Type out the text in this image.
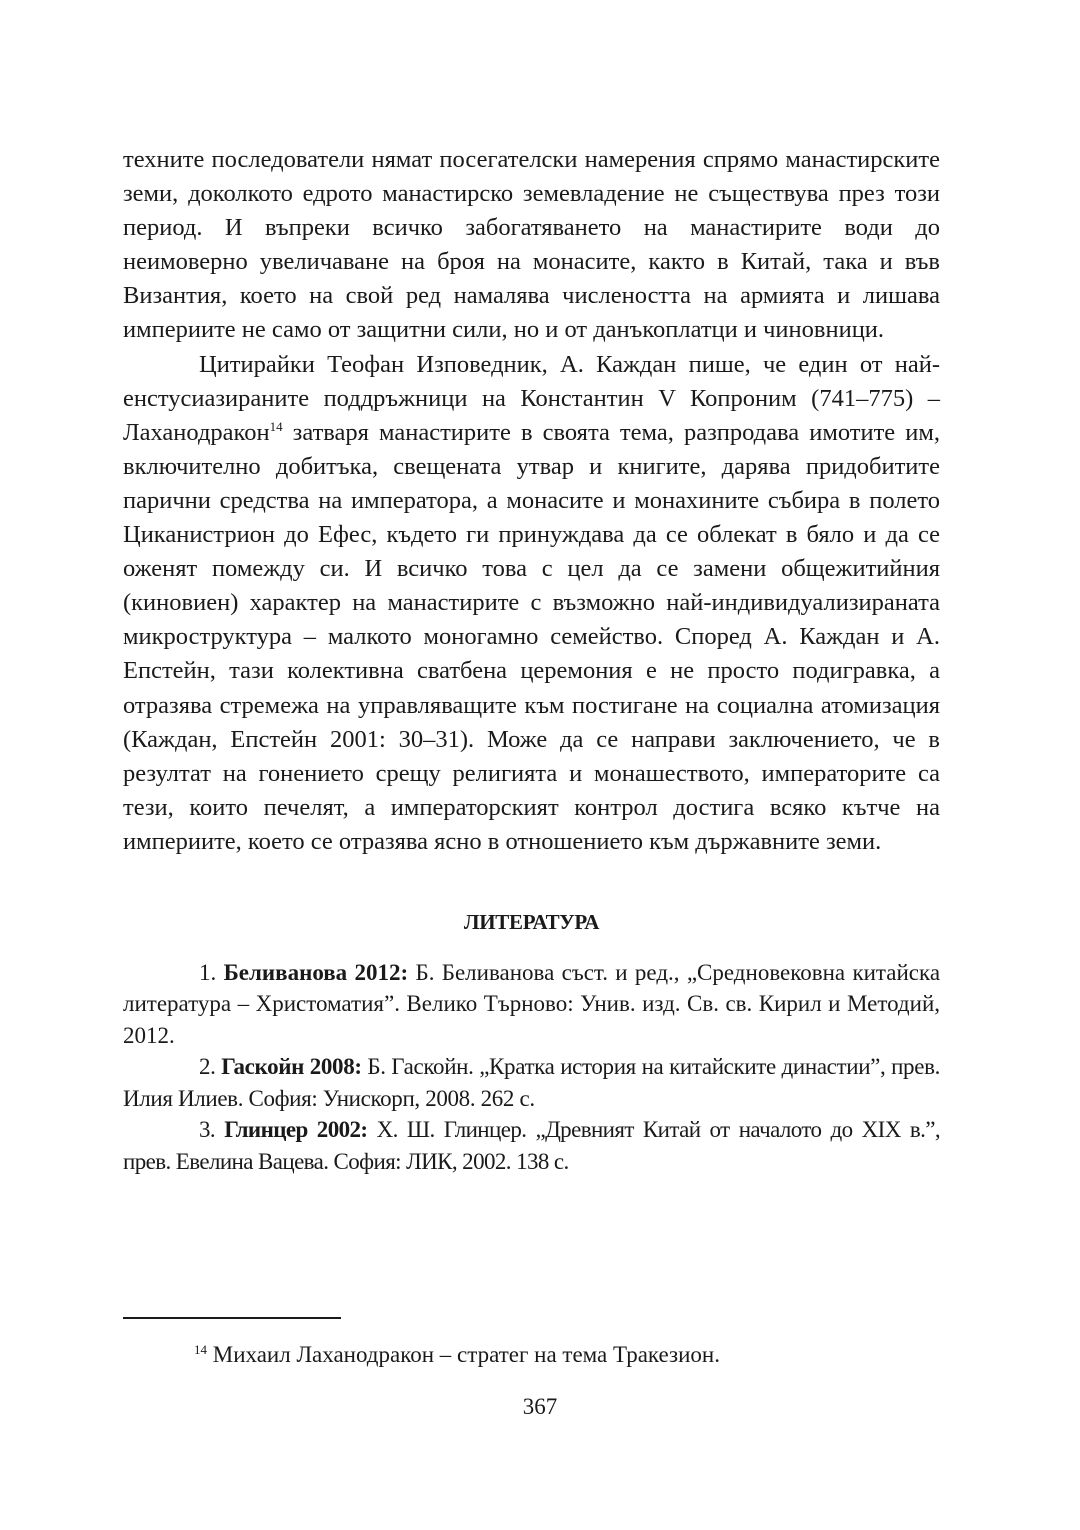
техните последователи нямат посегателски намерения спрямо манастирските земи, доколкото едрото манастирско земевладение не съществува през този период. И въпреки всичко забогатяването на манастирите води до неимоверно увеличаване на броя на монасите, както в Китай, така и във Византия, което на свой ред намалява числеността на армията и лишава империите не само от защитни сили, но и от данъкоплатци и чиновници.

Цитирайки Теофан Изповедник, А. Каждан пише, че един от най-енстусиазираните поддръжници на Константин V Копроним (741–775) – Лаханодракон$^{14}$ затваря манастирите в своята тема, разпродава имотите им, включително добитъка, свещената утвар и книгите, дарява придобитите парични средства на императора, а монасите и монахините събира в полето Циканистрион до Ефес, където ги принуждава да се облекат в бяло и да се оженят помежду си. И всичко това с цел да се замени общежитийния (киновиен) характер на манастирите с възможно най-индивидуализираната микроструктура – малкото моногамно семейство. Според А. Каждан и А. Епстейн, тази колективна сватбена церемония е не просто подигравка, а отразява стремежа на управляващите към постигане на социална атомизация (Каждан, Епстейн 2001: 30–31). Може да се направи заключението, че в резултат на гонението срещу религията и монашеството, императорите са тези, които печелят, а императорският контрол достига всяко кътче на империите, което се отразява ясно в отношението към държавните земи.

ЛИТЕРАТУРА

1. Беливанова 2012: Б. Беливанова съст. и ред., „Средновековна китайска литература – Христоматия”. Велико Търново: Унив. изд. Св. св. Кирил и Методий, 2012.

2. Гаскойн 2008: Б. Гаскойн. „Кратка история на китайските династии”, прев. Илия Илиев. София: Унискорп, 2008. 262 с.

3. Глинцер 2002: Х. Ш. Глинцер. „Древният Китай от началото до XIX в.”, прев. Евелина Вацева. София: ЛИК, 2002. 138 с.

$^{14}$ Михаил Лаханодракон – стратег на тема Тракезион.

367
